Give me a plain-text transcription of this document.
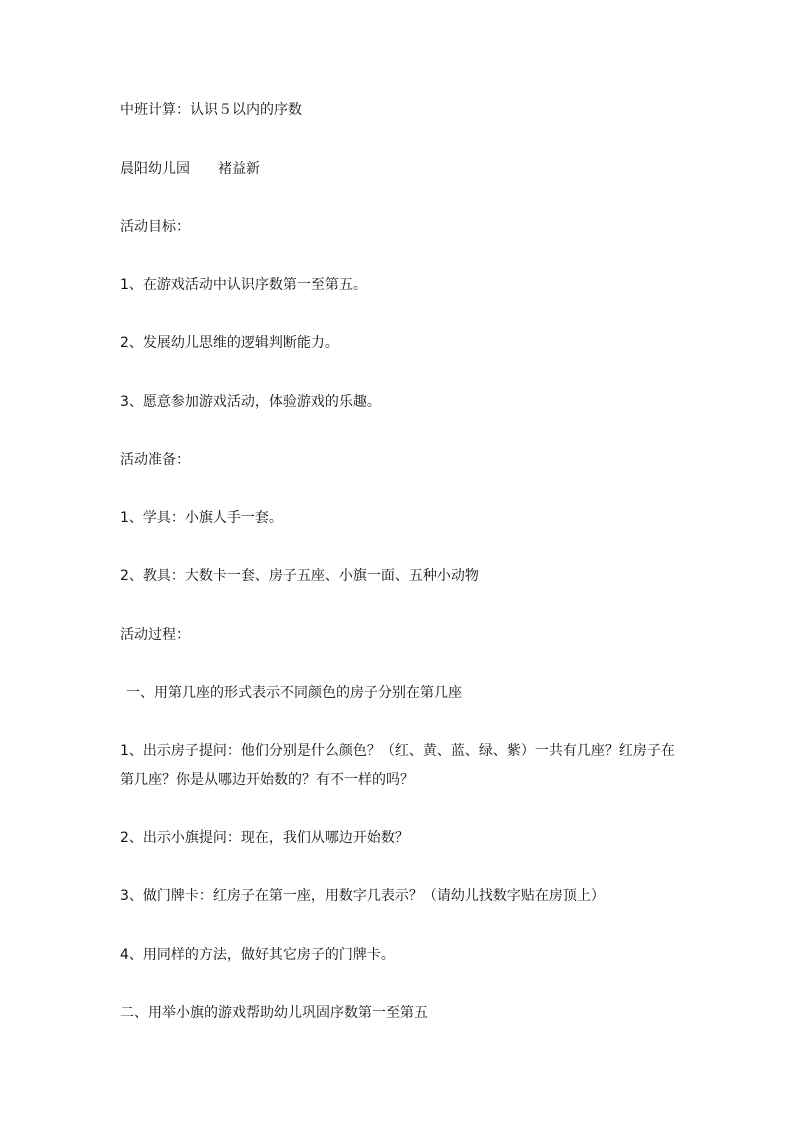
中班计算：认识５以内的序数

晨阳幼儿园 褚益新

活动目标：

1、在游戏活动中认识序数第一至第五。

2、发展幼儿思维的逻辑判断能力。

3、愿意参加游戏活动，体验游戏的乐趣。

活动准备：

1、学具：小旗人手一套。

2、教具：大数卡一套、房子五座、小旗一面、五种小动物

活动过程：

一、用第几座的形式表示不同颜色的房子分别在第几座

1、出示房子提问：他们分别是什么颜色？（红、黄、蓝、绿、紫）一共有几座？红房子在第几座？你是从哪边开始数的？有不一样的吗？

2、出示小旗提问：现在，我们从哪边开始数？

3、做门牌卡：红房子在第一座，用数字几表示？（请幼儿找数字贴在房顶上）

4、用同样的方法，做好其它房子的门牌卡。

二、用举小旗的游戏帮助幼儿巩固序数第一至第五
